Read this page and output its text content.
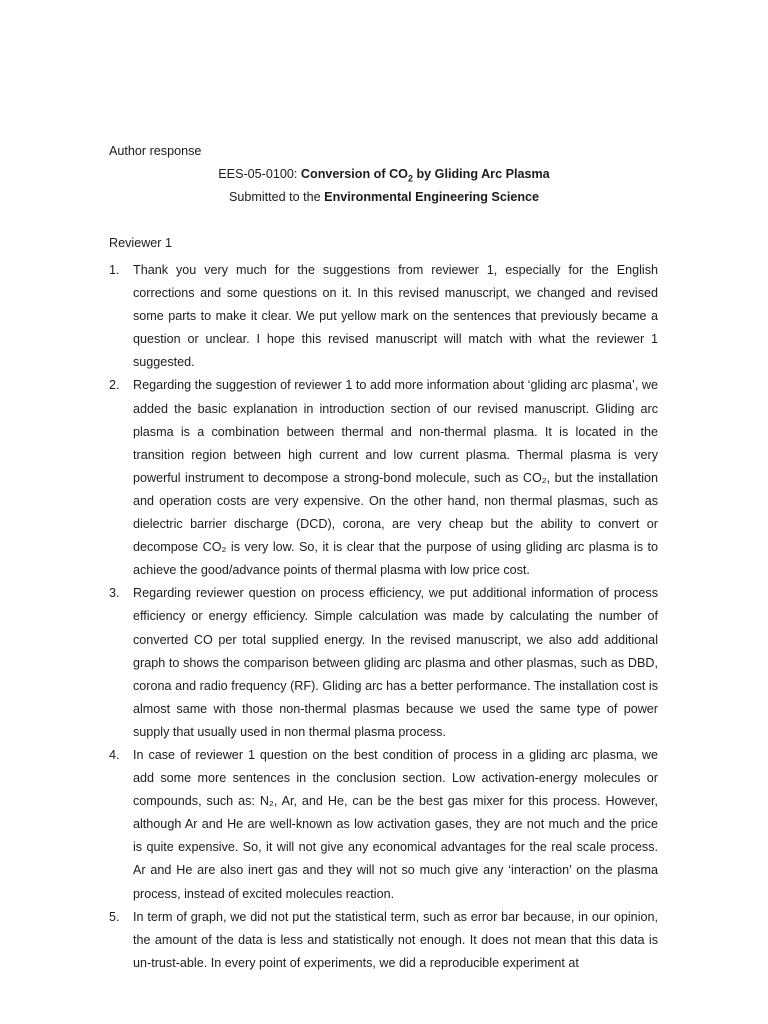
Author response
EES-05-0100: Conversion of $CO_2$ by Gliding Arc Plasma
Submitted to the Environmental Engineering Science
Reviewer 1
1. Thank you very much for the suggestions from reviewer 1, especially for the English corrections and some questions on it. In this revised manuscript, we changed and revised some parts to make it clear. We put yellow mark on the sentences that previously became a question or unclear. I hope this revised manuscript will match with what the reviewer 1 suggested.
2. Regarding the suggestion of reviewer 1 to add more information about ‘gliding arc plasma’, we added the basic explanation in introduction section of our revised manuscript. Gliding arc plasma is a combination between thermal and non-thermal plasma. It is located in the transition region between high current and low current plasma. Thermal plasma is very powerful instrument to decompose a strong-bond molecule, such as CO₂, but the installation and operation costs are very expensive. On the other hand, non thermal plasmas, such as dielectric barrier discharge (DCD), corona, are very cheap but the ability to convert or decompose CO₂ is very low. So, it is clear that the purpose of using gliding arc plasma is to achieve the good/advance points of thermal plasma with low price cost.
3. Regarding reviewer question on process efficiency, we put additional information of process efficiency or energy efficiency. Simple calculation was made by calculating the number of converted CO per total supplied energy. In the revised manuscript, we also add additional graph to shows the comparison between gliding arc plasma and other plasmas, such as DBD, corona and radio frequency (RF). Gliding arc has a better performance. The installation cost is almost same with those non-thermal plasmas because we used the same type of power supply that usually used in non thermal plasma process.
4. In case of reviewer 1 question on the best condition of process in a gliding arc plasma, we add some more sentences in the conclusion section. Low activation-energy molecules or compounds, such as: N₂, Ar, and He, can be the best gas mixer for this process. However, although Ar and He are well-known as low activation gases, they are not much and the price is quite expensive. So, it will not give any economical advantages for the real scale process. Ar and He are also inert gas and they will not so much give any ‘interaction’ on the plasma process, instead of excited molecules reaction.
5. In term of graph, we did not put the statistical term, such as error bar because, in our opinion, the amount of the data is less and statistically not enough. It does not mean that this data is un-trust-able. In every point of experiments, we did a reproducible experiment at
